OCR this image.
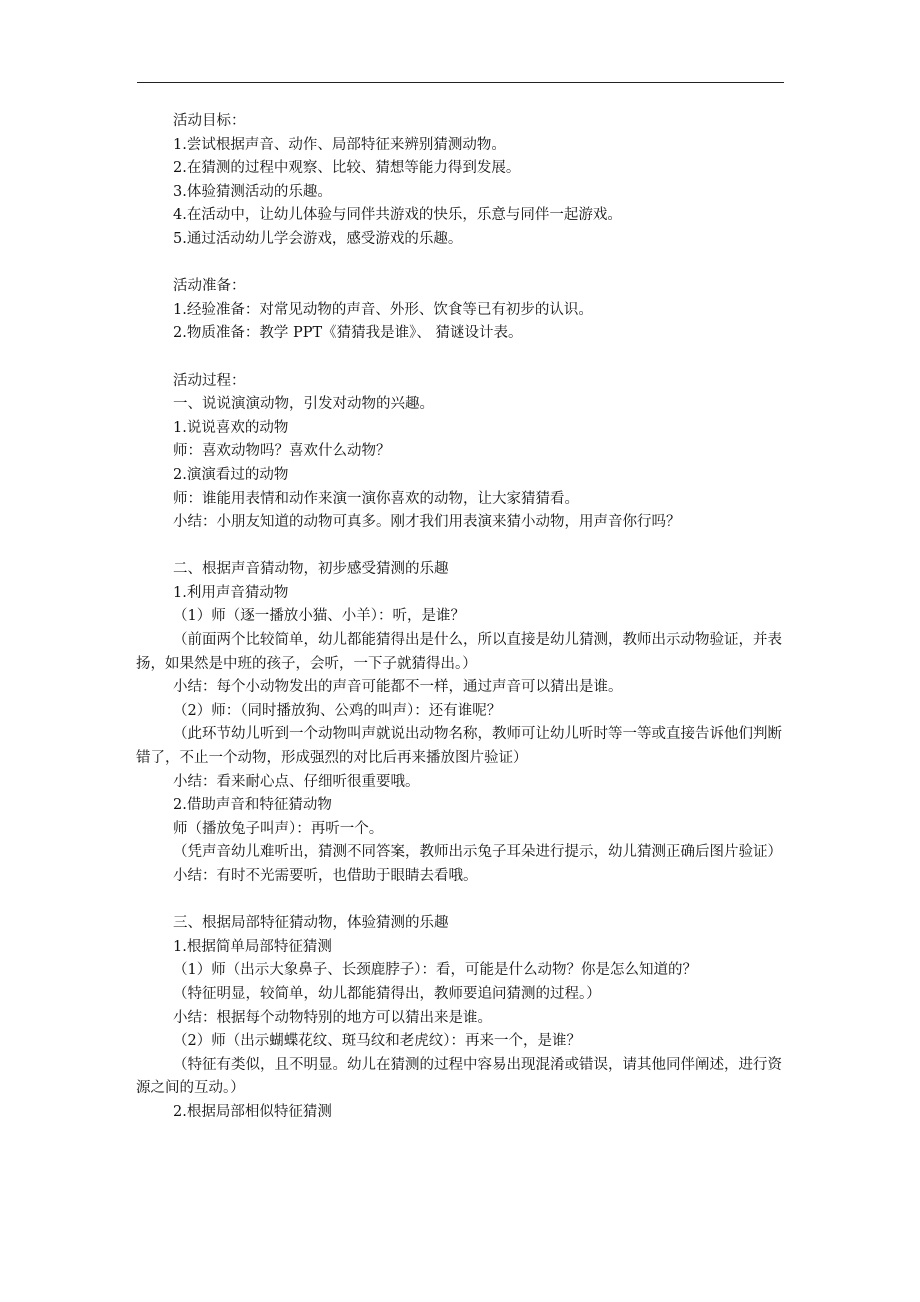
活动目标：
1.尝试根据声音、动作、局部特征来辨别猜测动物。
2.在猜测的过程中观察、比较、猜想等能力得到发展。
3.体验猜测活动的乐趣。
4.在活动中，让幼儿体验与同伴共游戏的快乐，乐意与同伴一起游戏。
5.通过活动幼儿学会游戏，感受游戏的乐趣。
活动准备：
1.经验准备：对常见动物的声音、外形、饮食等已有初步的认识。
2.物质准备：教学 PPT《猜猜我是谁》、 猜谜设计表。
活动过程：
一、说说演演动物，引发对动物的兴趣。
1.说说喜欢的动物
师：喜欢动物吗？喜欢什么动物？
2.演演看过的动物
师：谁能用表情和动作来演一演你喜欢的动物，让大家猜猜看。
小结：小朋友知道的动物可真多。刚才我们用表演来猜小动物，用声音你行吗？
二、根据声音猜动物，初步感受猜测的乐趣
1.利用声音猜动物
（1）师（逐一播放小猫、小羊）：听，是谁？
（前面两个比较简单，幼儿都能猜得出是什么，所以直接是幼儿猜测，教师出示动物验证，并表扬，如果然是中班的孩子，会听，一下子就猜得出。）
小结：每个小动物发出的声音可能都不一样，通过声音可以猜出是谁。
（2）师：（同时播放狗、公鸡的叫声）：还有谁呢？
（此环节幼儿听到一个动物叫声就说出动物名称，教师可让幼儿听时等一等或直接告诉他们判断错了，不止一个动物，形成强烈的对比后再来播放图片验证）
小结：看来耐心点、仔细听很重要哦。
2.借助声音和特征猜动物
师（播放兔子叫声）：再听一个。
（凭声音幼儿难听出，猜测不同答案，教师出示兔子耳朵进行提示，幼儿猜测正确后图片验证）
小结：有时不光需要听，也借助于眼睛去看哦。
三、根据局部特征猜动物，体验猜测的乐趣
1.根据简单局部特征猜测
（1）师（出示大象鼻子、长颈鹿脖子）：看，可能是什么动物？你是怎么知道的？
（特征明显，较简单，幼儿都能猜得出，教师要追问猜测的过程。）
小结：根据每个动物特别的地方可以猜出来是谁。
（2）师（出示蝴蝶花纹、斑马纹和老虎纹）：再来一个，是谁？
（特征有类似，且不明显。幼儿在猜测的过程中容易出现混淆或错误，请其他同伴阐述，进行资源之间的互动。）
2.根据局部相似特征猜测
